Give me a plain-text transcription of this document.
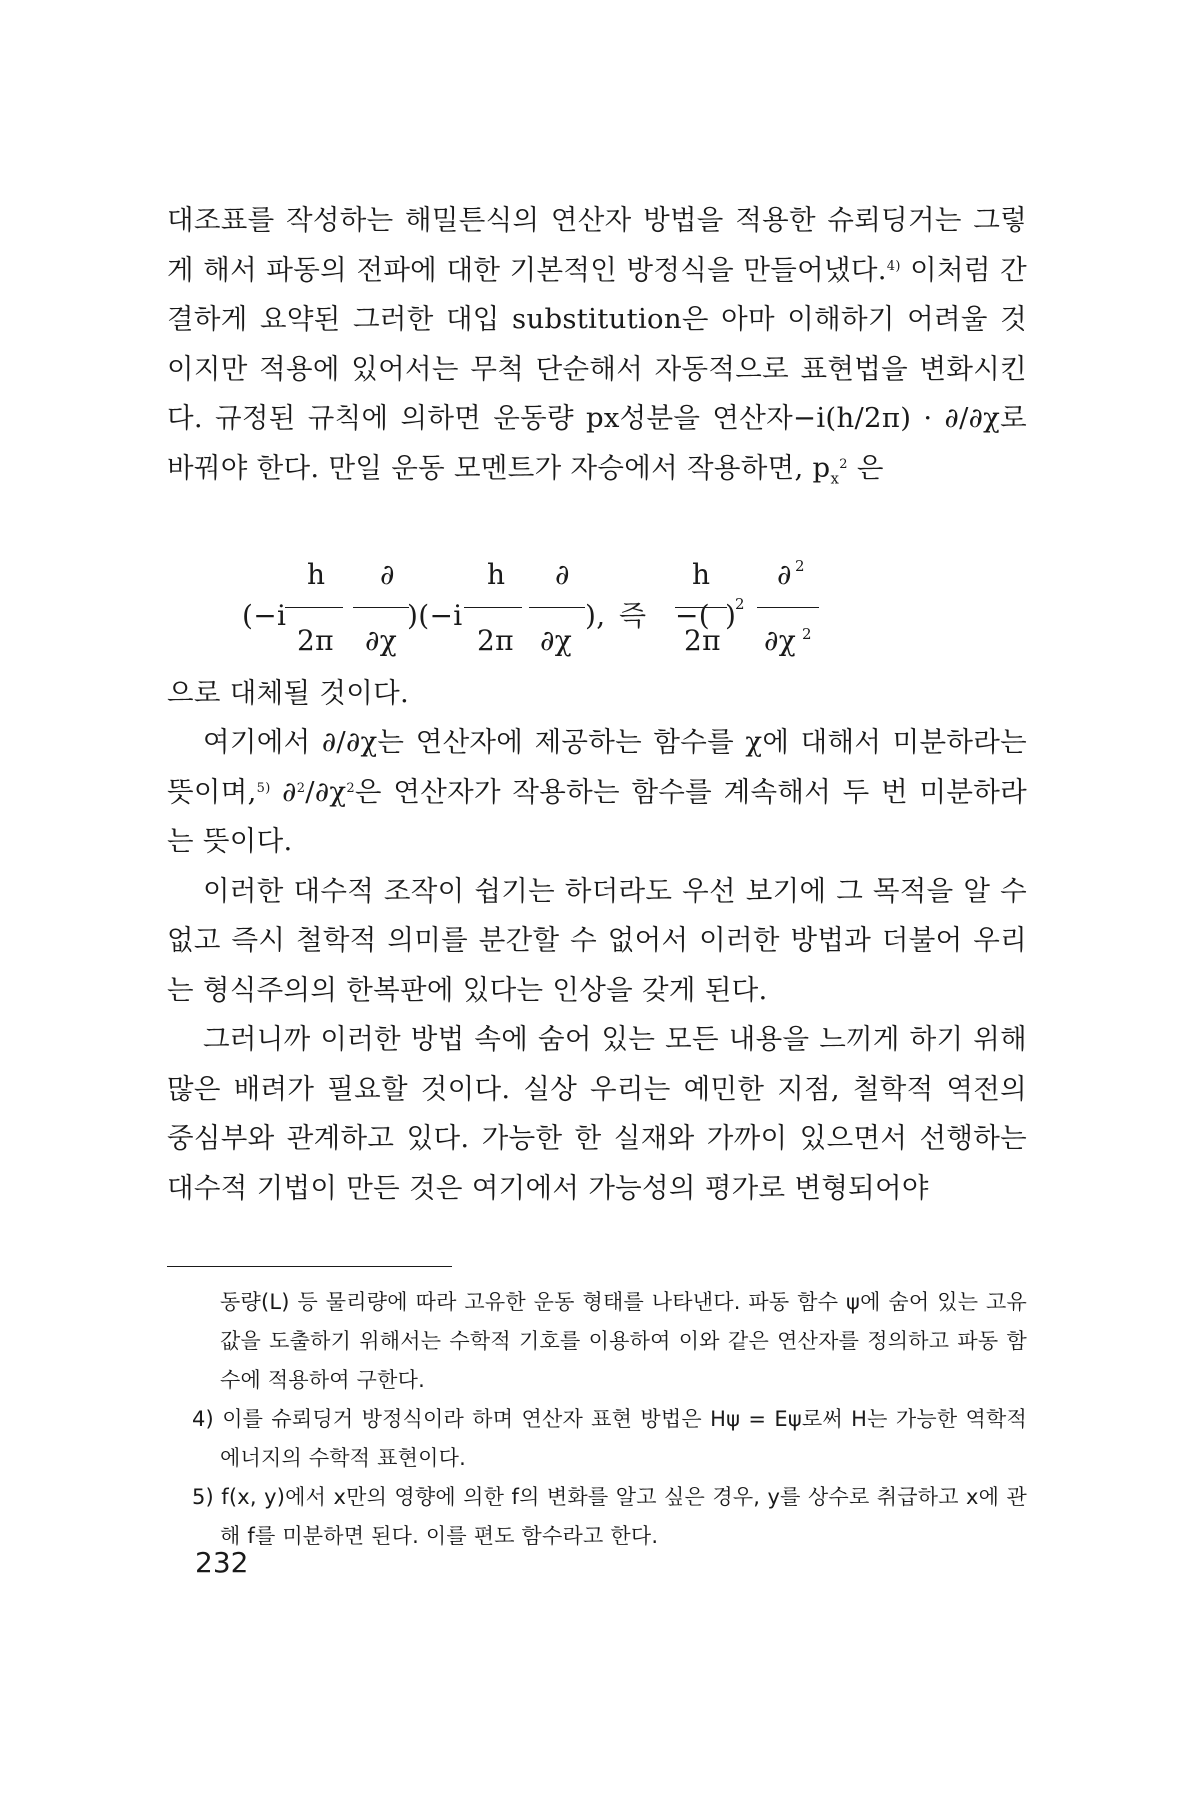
대조표를 작성하는 해밀튼식의 연산자 방법을 적용한 슈뢰딩거는 그렇게 해서 파동의 전파에 대한 기본적인 방정식을 만들어냈다.$^{4)}$ 이처럼 간결하게 요약된 그러한 대입 substitution은 아마 이해하기 어려울 것이지만 적용에 있어서는 무척 단순해서 자동적으로 표현법을 변화시킨다. 규정된 규칙에 의하면 운동량 px성분을 연산자−i(h/2π) · ∂/∂χ로 바꿔야 한다. 만일 운동 모멘트가 자승에서 작용하면, $p_x^2$ 은

(−i
h
2π
∂
∂χ
)(−i
h
2π
∂
∂χ
), 즉 −(
h
2π
)
2
∂ 2
∂χ 2

으로 대체될 것이다.

여기에서 ∂/∂χ는 연산자에 제공하는 함수를 χ에 대해서 미분하라는 뜻이며,$^{5)}$ $\partial^2/\partial\chi^2$은 연산자가 작용하는 함수를 계속해서 두 번 미분하라는 뜻이다.

이러한 대수적 조작이 쉽기는 하더라도 우선 보기에 그 목적을 알 수 없고 즉시 철학적 의미를 분간할 수 없어서 이러한 방법과 더불어 우리는 형식주의의 한복판에 있다는 인상을 갖게 된다.

그러니까 이러한 방법 속에 숨어 있는 모든 내용을 느끼게 하기 위해 많은 배려가 필요할 것이다. 실상 우리는 예민한 지점, 철학적 역전의 중심부와 관계하고 있다. 가능한 한 실재와 가까이 있으면서 선행하는 대수적 기법이 만든 것은 여기에서 가능성의 평가로 변형되어야

동량(L) 등 물리량에 따라 고유한 운동 형태를 나타낸다. 파동 함수 ψ에 숨어 있는 고유값을 도출하기 위해서는 수학적 기호를 이용하여 이와 같은 연산자를 정의하고 파동 함수에 적용하여 구한다.

4) 이를 슈뢰딩거 방정식이라 하며 연산자 표현 방법은 Hψ = Eψ로써 H는 가능한 역학적 에너지의 수학적 표현이다.

5) f(x, y)에서 x만의 영향에 의한 f의 변화를 알고 싶은 경우, y를 상수로 취급하고 x에 관해 f를 미분하면 된다. 이를 편도 함수라고 한다.

232
